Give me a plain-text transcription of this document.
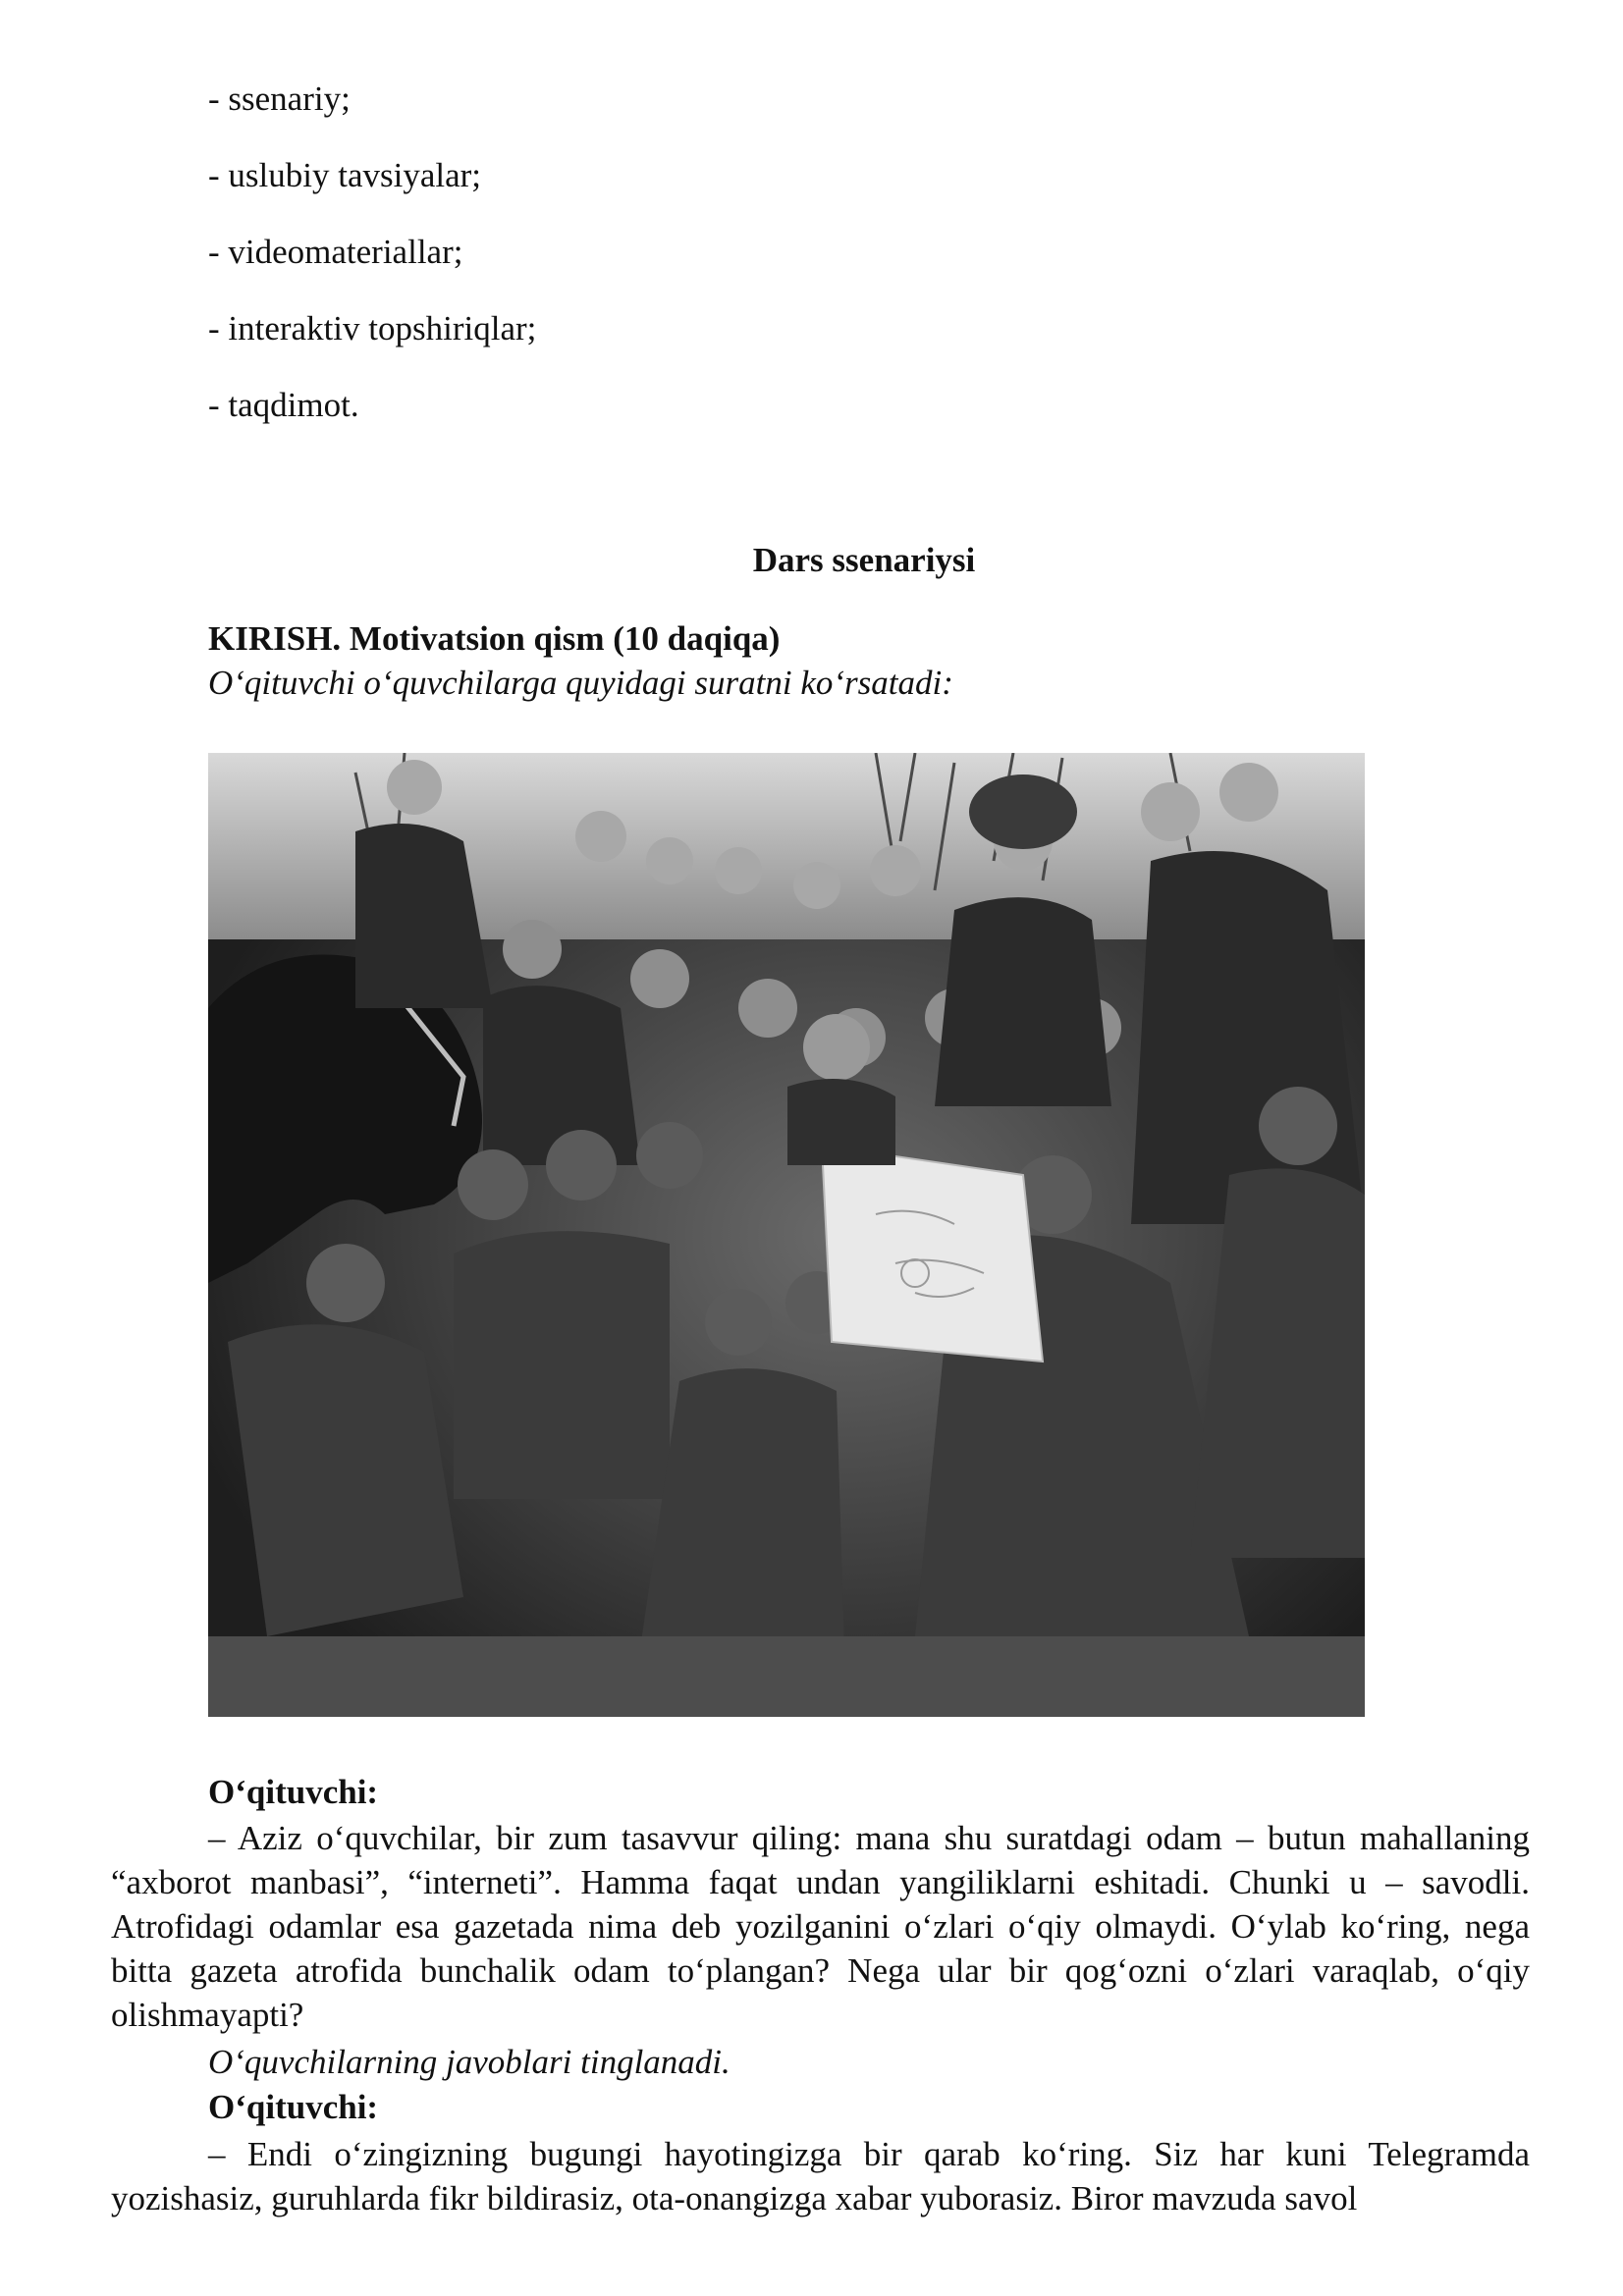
- ssenariy;
- uslubiy tavsiyalar;
- videomateriallar;
- interaktiv topshiriqlar;
- taqdimot.
Dars ssenariysi
KIRISH. Motivatsion qism (10 daqiqa)
O‘qituvchi o‘quvchilarga quyidagi suratni ko‘rsatadi:
O‘qituvchi:
– Aziz o‘quvchilar, bir zum tasavvur qiling: mana shu suratdagi odam – butun mahallaning “axborot manbasi”, “interneti”. Hamma faqat undan yangiliklarni eshitadi. Chunki u – savodli. Atrofidagi odamlar esa gazetada nima deb yozilganini o‘zlari o‘qiy olmaydi. O‘ylab ko‘ring, nega bitta gazeta atrofida bunchalik odam to‘plangan? Nega ular bir qog‘ozni o‘zlari varaqlab, o‘qiy olishmayapti?
O‘quvchilarning javoblari tinglanadi.
O‘qituvchi:
– Endi o‘zingizning bugungi hayotingizga bir qarab ko‘ring. Siz har kuni Telegramda yozishasiz, guruhlarda fikr bildirasiz, ota-onangizga xabar yuborasiz. Biror mavzuda savol
